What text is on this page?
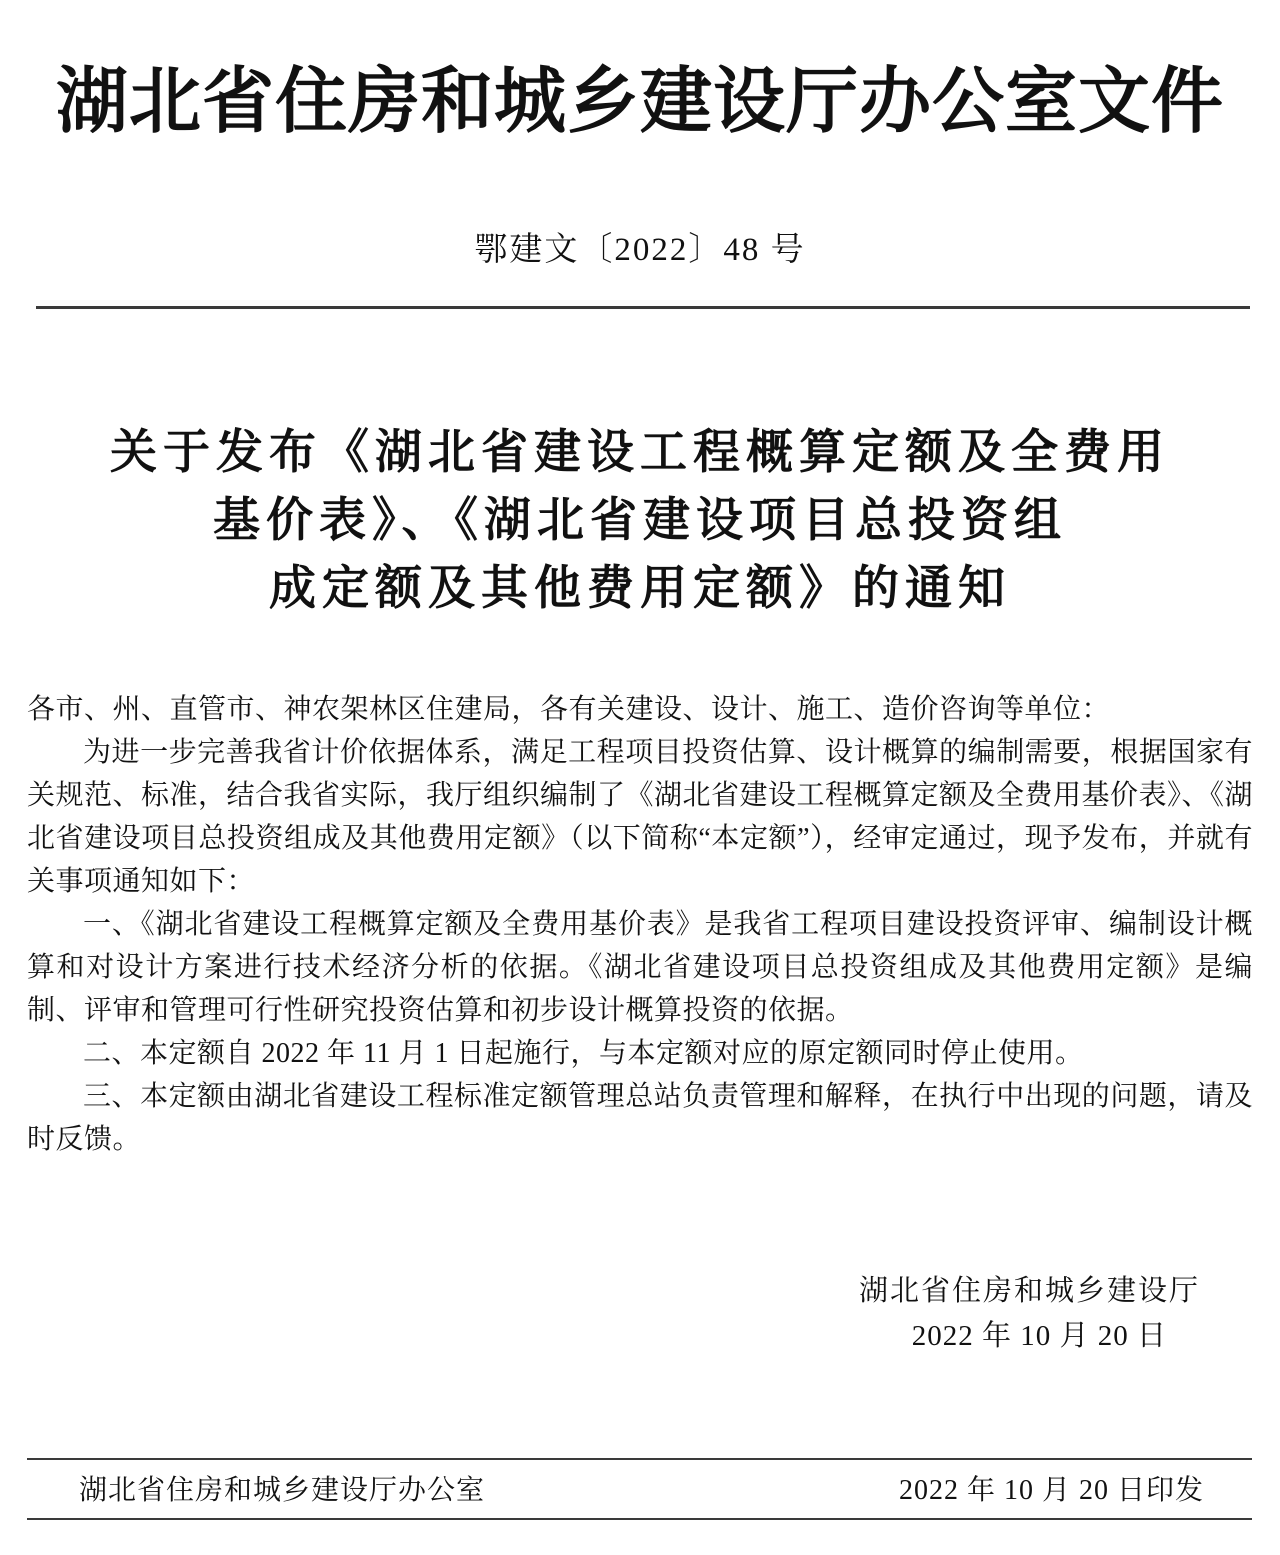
湖北省住房和城乡建设厅办公室文件
鄂建文〔2022〕48 号
关于发布《湖北省建设工程概算定额及全费用
基价表》、《湖北省建设项目总投资组
成定额及其他费用定额》的通知

各市、州、直管市、神农架林区住建局，各有关建设、设计、施工、造价咨询等单位：

为进一步完善我省计价依据体系，满足工程项目投资估算、设计概算的编制需要，根据国家有关规范、标准，结合我省实际，我厅组织编制了《湖北省建设工程概算定额及全费用基价表》、《湖北省建设项目总投资组成及其他费用定额》（以下简称“本定额”），经审定通过，现予发布，并就有关事项通知如下：

一、《湖北省建设工程概算定额及全费用基价表》是我省工程项目建设投资评审、编制设计概算和对设计方案进行技术经济分析的依据。《湖北省建设项目总投资组成及其他费用定额》是编制、评审和管理可行性研究投资估算和初步设计概算投资的依据。

二、本定额自 2022 年 11 月 1 日起施行，与本定额对应的原定额同时停止使用。

三、本定额由湖北省建设工程标准定额管理总站负责管理和解释，在执行中出现的问题，请及时反馈。

湖北省住房和城乡建设厅
2022 年 10 月 20 日
湖北省住房和城乡建设厅办公室	2022 年 10 月 20 日印发
